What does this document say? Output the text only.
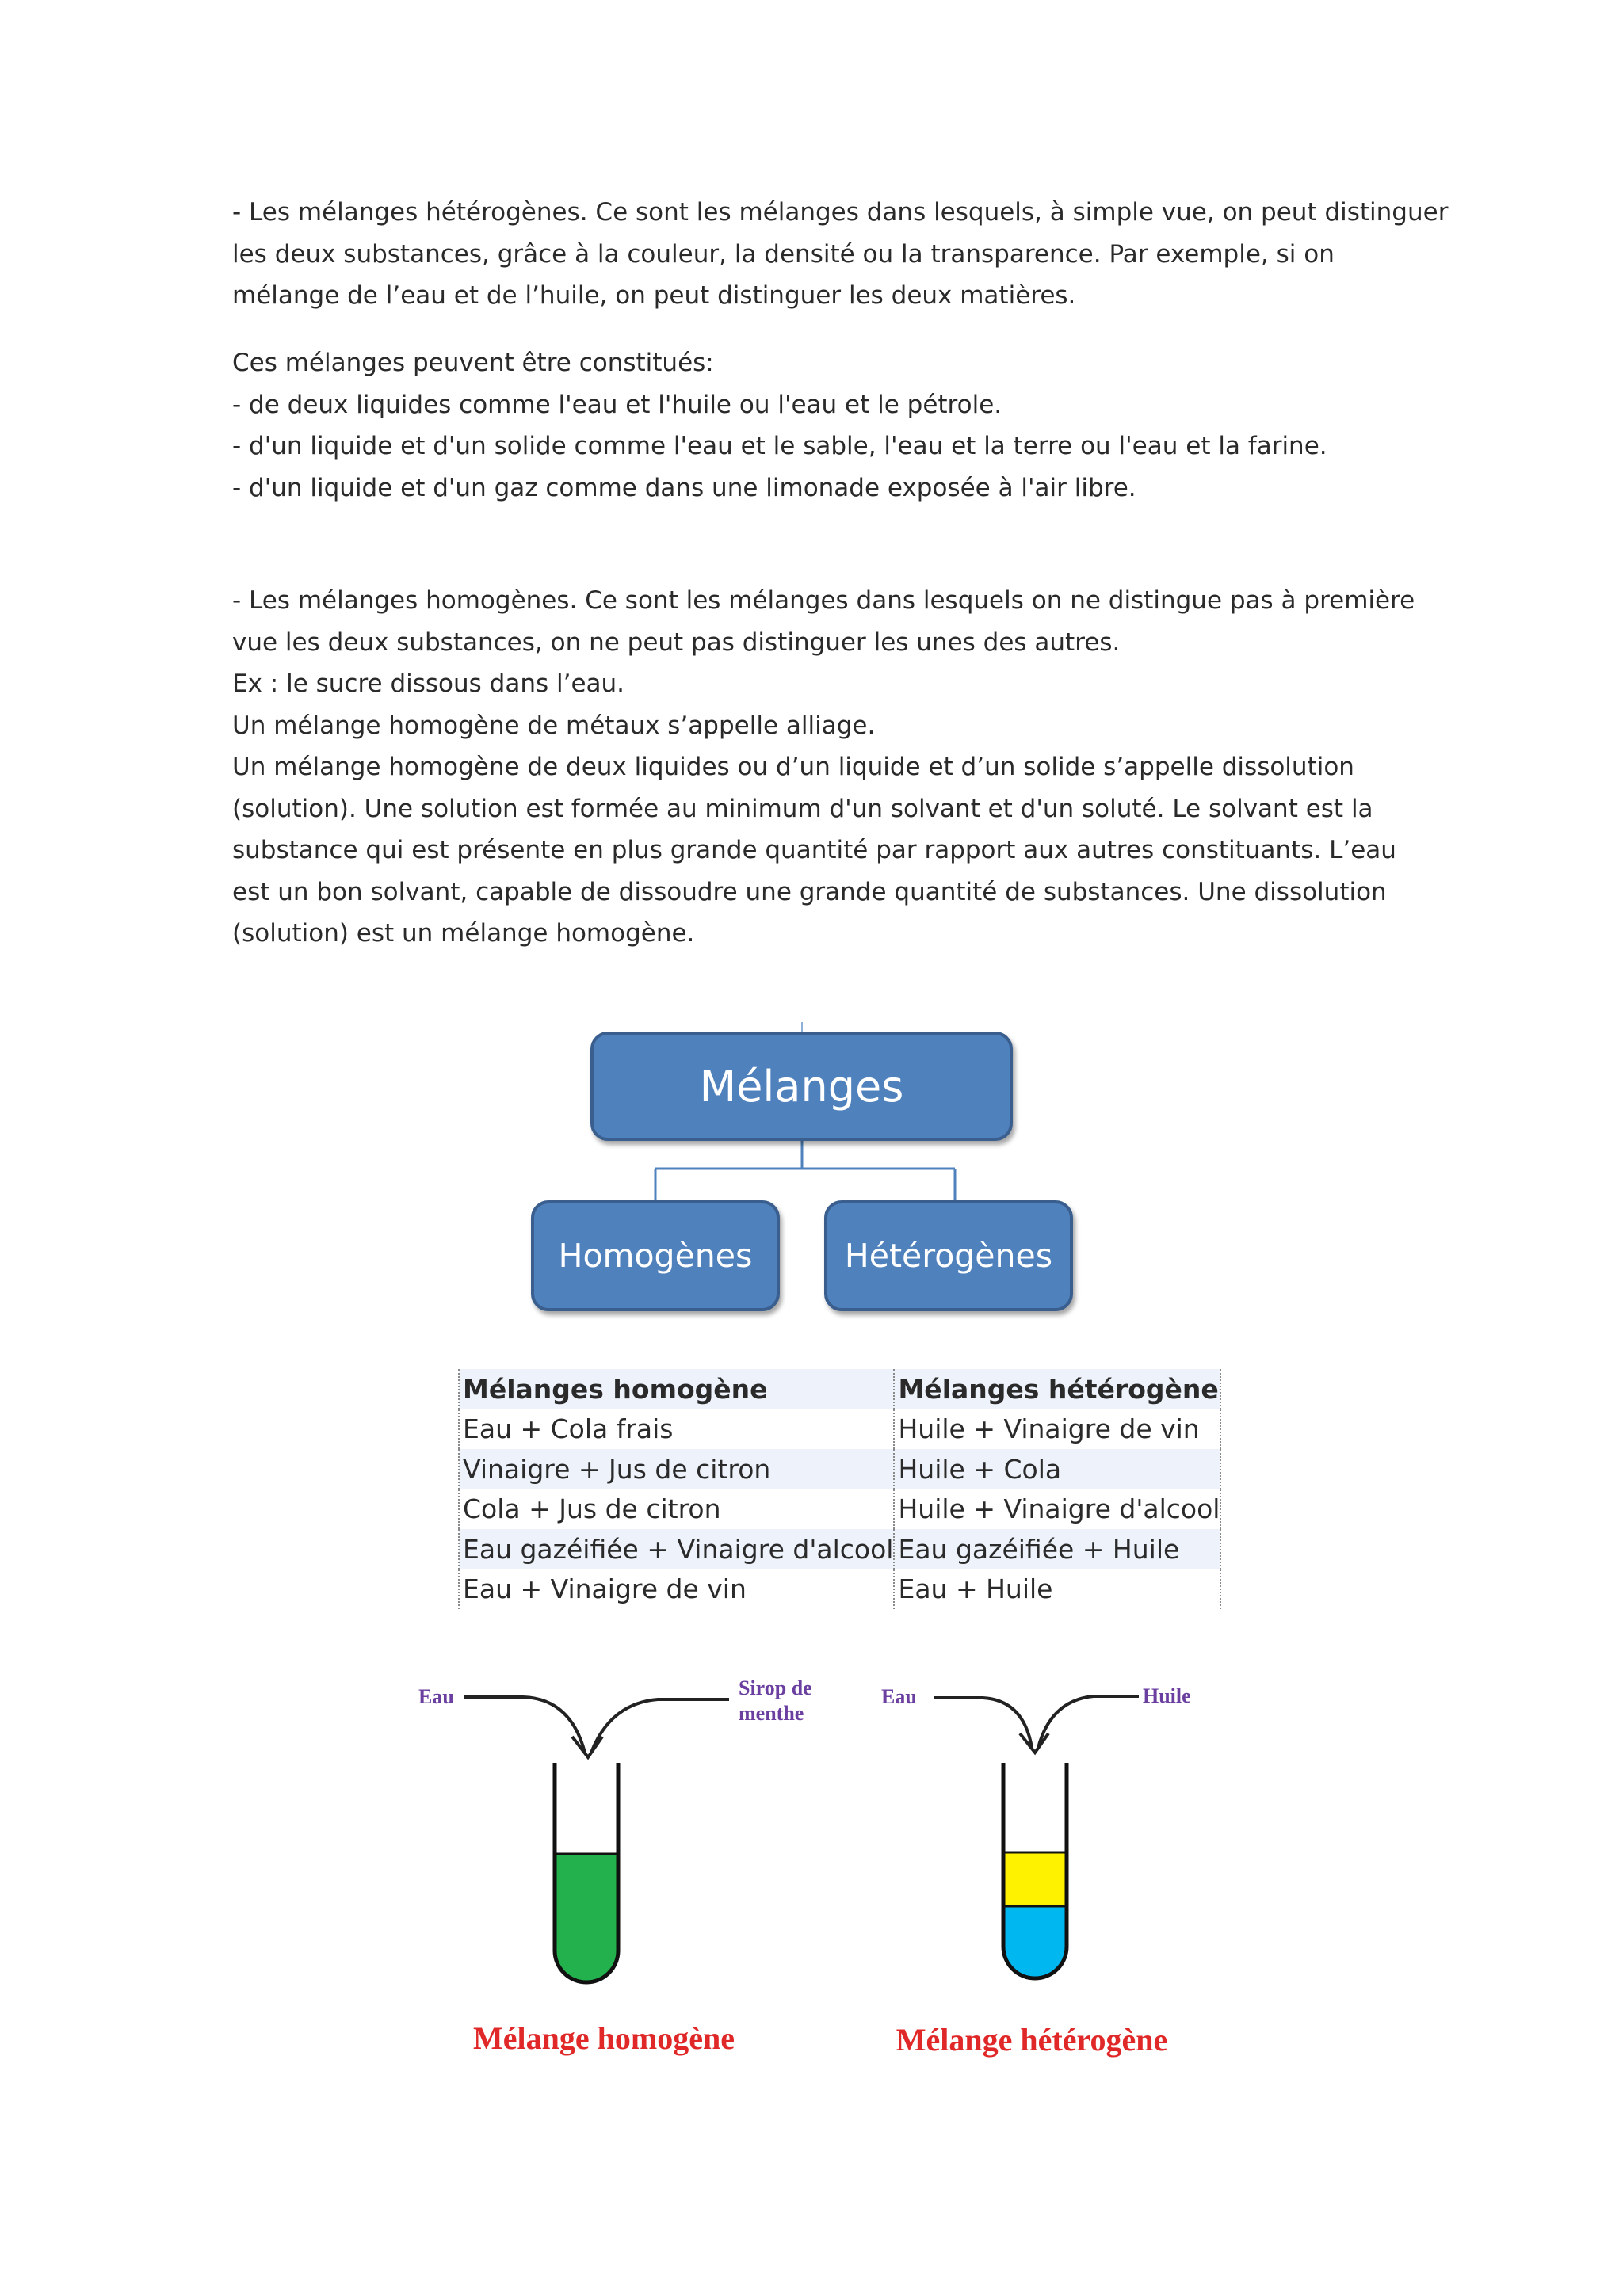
- Les mélanges hétérogènes. Ce sont les mélanges dans lesquels, à simple vue, on peut distinguer
les deux substances, grâce à la couleur, la densité ou la transparence. Par exemple, si on
mélange de l’eau et de l’huile, on peut distinguer les deux matières.
Ces mélanges peuvent être constitués:
- de deux liquides comme l'eau et l'huile ou l'eau et le pétrole.
- d'un liquide et d'un solide comme l'eau et le sable, l'eau et la terre ou l'eau et la farine.
- d'un liquide et d'un gaz comme dans une limonade exposée à l'air libre.
- Les mélanges homogènes. Ce sont les mélanges dans lesquels on ne distingue pas à première
vue les deux substances, on ne peut pas distinguer les unes des autres.
Ex : le sucre dissous dans l’eau.
Un mélange homogène de métaux s’appelle alliage.
Un mélange homogène de deux liquides ou d’un liquide et d’un solide s’appelle dissolution
(solution). Une solution est formée au minimum d'un solvant et d'un soluté. Le solvant est la
substance qui est présente en plus grande quantité par rapport aux autres constituants. L’eau
est un bon solvant, capable de dissoudre une grande quantité de substances. Une dissolution
(solution) est un mélange homogène.
Mélanges
Homogènes	Hétérogènes
Mélanges homogène	Mélanges hétérogène
Eau + Cola frais	Huile + Vinaigre de vin
Vinaigre + Jus de citron	Huile + Cola
Cola + Jus de citron	Huile + Vinaigre d'alcool
Eau gazéifiée + Vinaigre d'alcool	Eau gazéifiée + Huile
Eau + Vinaigre de vin	Eau + Huile
Eau	Sirop de
menthe
Mélange homogène
Eau	Huile
Mélange hétérogène
